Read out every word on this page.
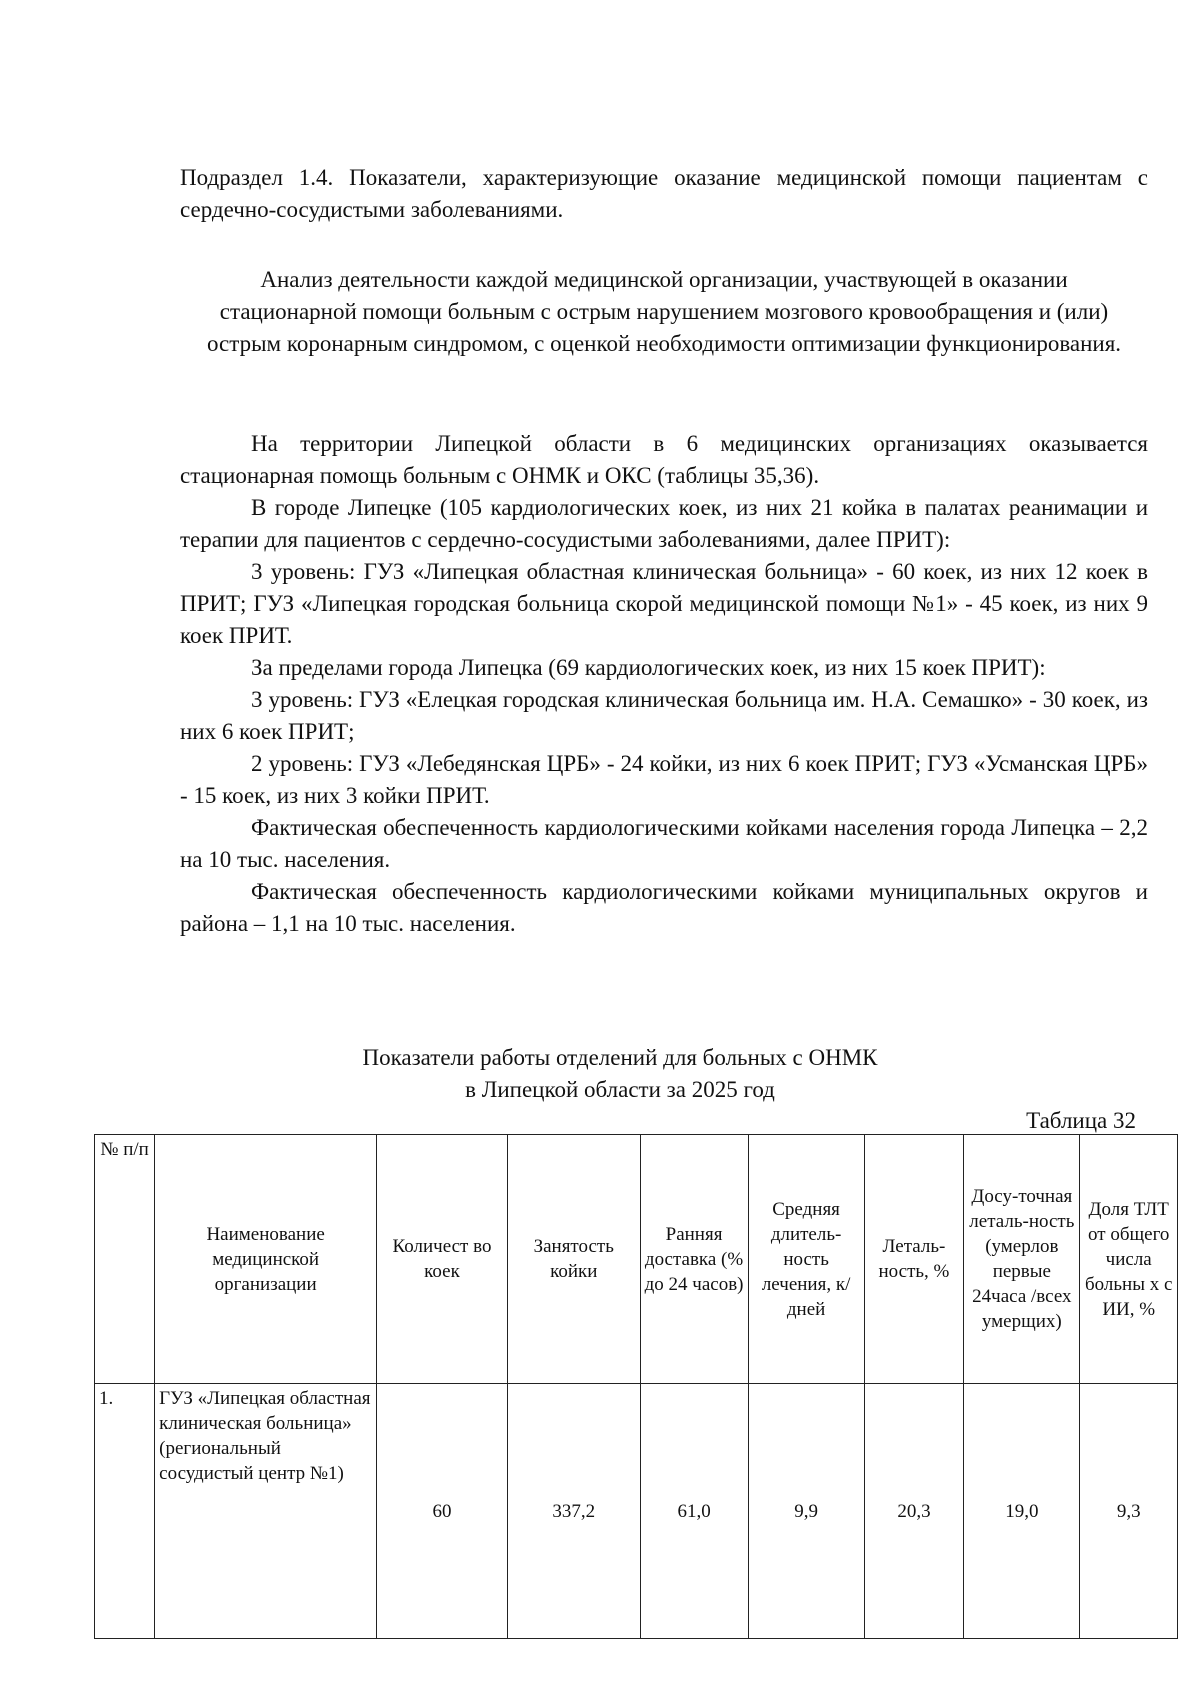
Подраздел 1.4. Показатели, характеризующие оказание медицинской помощи пациентам с сердечно-сосудистыми заболеваниями.
Анализ деятельности каждой медицинской организации, участвующей в оказании стационарной помощи больным с острым нарушением мозгового кровообращения и (или) острым коронарным синдромом, с оценкой необходимости оптимизации функционирования.

На территории Липецкой области в 6 медицинских организациях оказывается стационарная помощь больным с ОНМК и ОКС (таблицы 35,36).

В городе Липецке (105 кардиологических коек, из них 21 койка в палатах реанимации и терапии для пациентов с сердечно-сосудистыми заболеваниями, далее ПРИТ):

3 уровень: ГУЗ «Липецкая областная клиническая больница» - 60 коек, из них 12 коек в ПРИТ; ГУЗ «Липецкая городская больница скорой медицинской помощи №1» - 45 коек, из них 9 коек ПРИТ.

За пределами города Липецка (69 кардиологических коек, из них 15 коек ПРИТ):

3 уровень: ГУЗ «Елецкая городская клиническая больница им. Н.А. Семашко» - 30 коек, из них 6 коек ПРИТ;

2 уровень: ГУЗ «Лебедянская ЦРБ» - 24 койки, из них 6 коек ПРИТ; ГУЗ «Усманская ЦРБ» - 15 коек, из них 3 койки ПРИТ.

Фактическая обеспеченность кардиологическими койками населения города Липецка – 2,2 на 10 тыс. населения.

Фактическая обеспеченность кардиологическими койками муниципальных округов и района – 1,1 на 10 тыс. населения.

Показатели работы отделений для больных с ОНМК
в Липецкой области за 2025 год
Таблица 32
№ п/п	Наименование медицинской организации	Количест во коек	Занятость койки	Ранняя доставка (% до 24 часов)	Средняя длитель-ность лечения, к/дней	Леталь-ность, %	Досу-точная леталь-ность (умерлов первые 24часа /всех умерщих)	Доля ТЛТ от общего числа больны х с ИИ, %
1.	ГУЗ «Липецкая областная клиническая больница» (региональный сосудистый центр №1)	60	337,2	61,0	9,9	20,3	19,0	9,3
